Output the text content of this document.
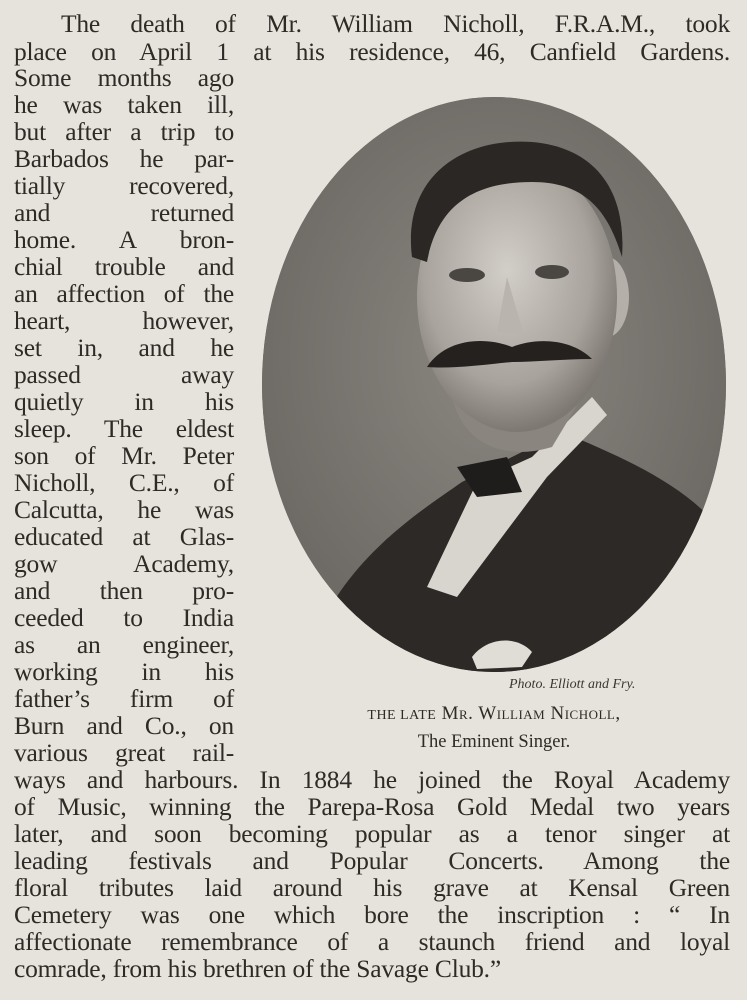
The death of Mr. William Nicholl, F.R.A.M., took
place on April 1 at his residence, 46, Canfield Gardens.
Some months ago
he was taken ill,
but after a trip to
Barbados he par-
tially recovered,
and returned
home. A bron-
chial trouble and
an affection of the
heart, however,
set in, and he
passed away
quietly in his
sleep. The eldest
son of Mr. Peter
Nicholl, C.E., of
Calcutta, he was
educated at Glas-
gow Academy,
and then pro-
ceeded to India
as an engineer,
working in his
father’s firm of
Burn and Co., on
various great rail-
Photo. Elliott and Fry.
THE LATE Mr. William Nicholl,
The Eminent Singer.
ways and harbours. In 1884 he joined the Royal Academy
of Music, winning the Parepa-Rosa Gold Medal two years
later, and soon becoming popular as a tenor singer at
leading festivals and Popular Concerts. Among the
floral tributes laid around his grave at Kensal Green
Cemetery was one which bore the inscription : “ In
affectionate remembrance of a staunch friend and loyal
comrade, from his brethren of the Savage Club.”
